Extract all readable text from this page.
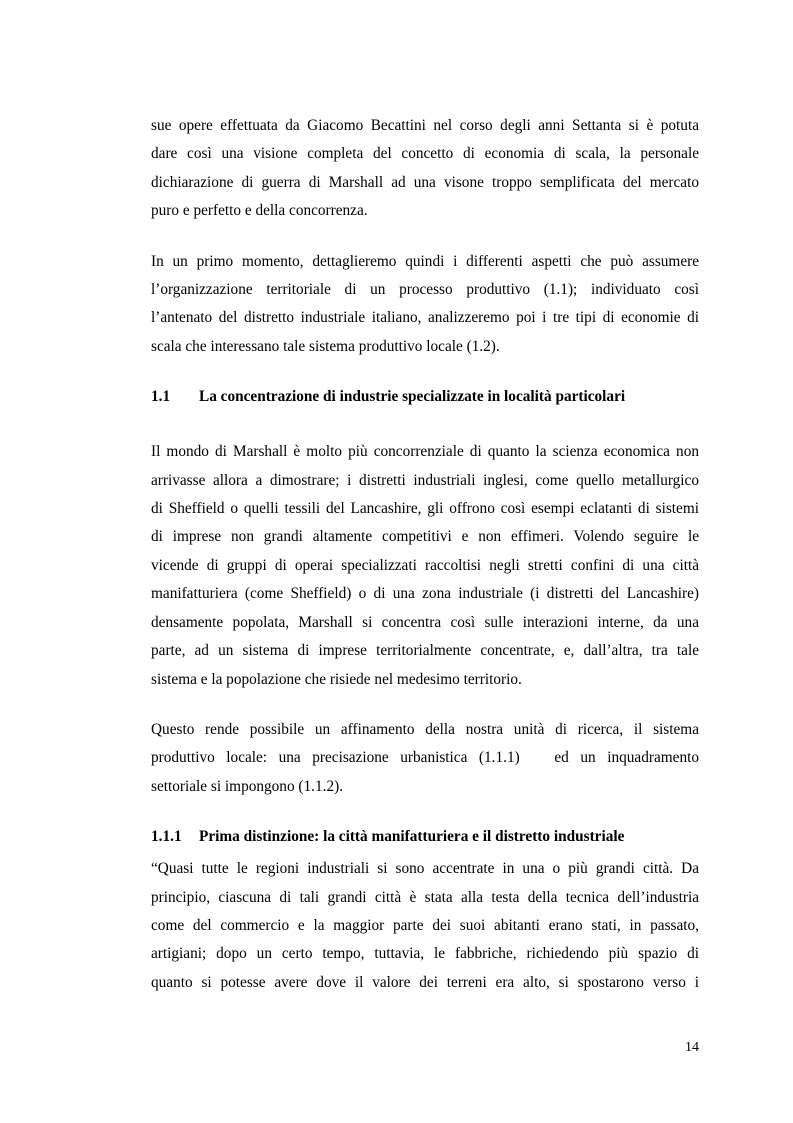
sue opere effettuata da Giacomo Becattini nel corso degli anni Settanta si è potuta
dare così una visione completa del concetto di economia di scala, la personale
dichiarazione di guerra di Marshall ad una visone troppo semplificata del mercato
puro e perfetto e della concorrenza.

In un primo momento, dettaglieremo quindi i differenti aspetti che può assumere
l’organizzazione territoriale di un processo produttivo (1.1); individuato così
l’antenato del distretto industriale italiano, analizzeremo poi i tre tipi di economie di
scala che interessano tale sistema produttivo locale (1.2).

1.1 La concentrazione di industrie specializzate in località particolari

Il mondo di Marshall è molto più concorrenziale di quanto la scienza economica non
arrivasse allora a dimostrare; i distretti industriali inglesi, come quello metallurgico
di Sheffield o quelli tessili del Lancashire, gli offrono così esempi eclatanti di sistemi
di imprese non grandi altamente competitivi e non effimeri. Volendo seguire le
vicende di gruppi di operai specializzati raccoltisi negli stretti confini di una città
manifatturiera (come Sheffield) o di una zona industriale (i distretti del Lancashire)
densamente popolata, Marshall si concentra così sulle interazioni interne, da una
parte, ad un sistema di imprese territorialmente concentrate, e, dall’altra, tra tale
sistema e la popolazione che risiede nel medesimo territorio.

Questo rende possibile un affinamento della nostra unità di ricerca, il sistema
produttivo locale: una precisazione urbanistica (1.1.1)   ed un inquadramento
settoriale si impongono (1.1.2).

1.1.1 Prima distinzione: la città manifatturiera e il distretto industriale

“Quasi tutte le regioni industriali si sono accentrate in una o più grandi città. Da
principio, ciascuna di tali grandi città è stata alla testa della tecnica dell’industria
come del commercio e la maggior parte dei suoi abitanti erano stati, in passato,
artigiani; dopo un certo tempo, tuttavia, le fabbriche, richiedendo più spazio di
quanto si potesse avere dove il valore dei terreni era alto, si spostarono verso i

14
